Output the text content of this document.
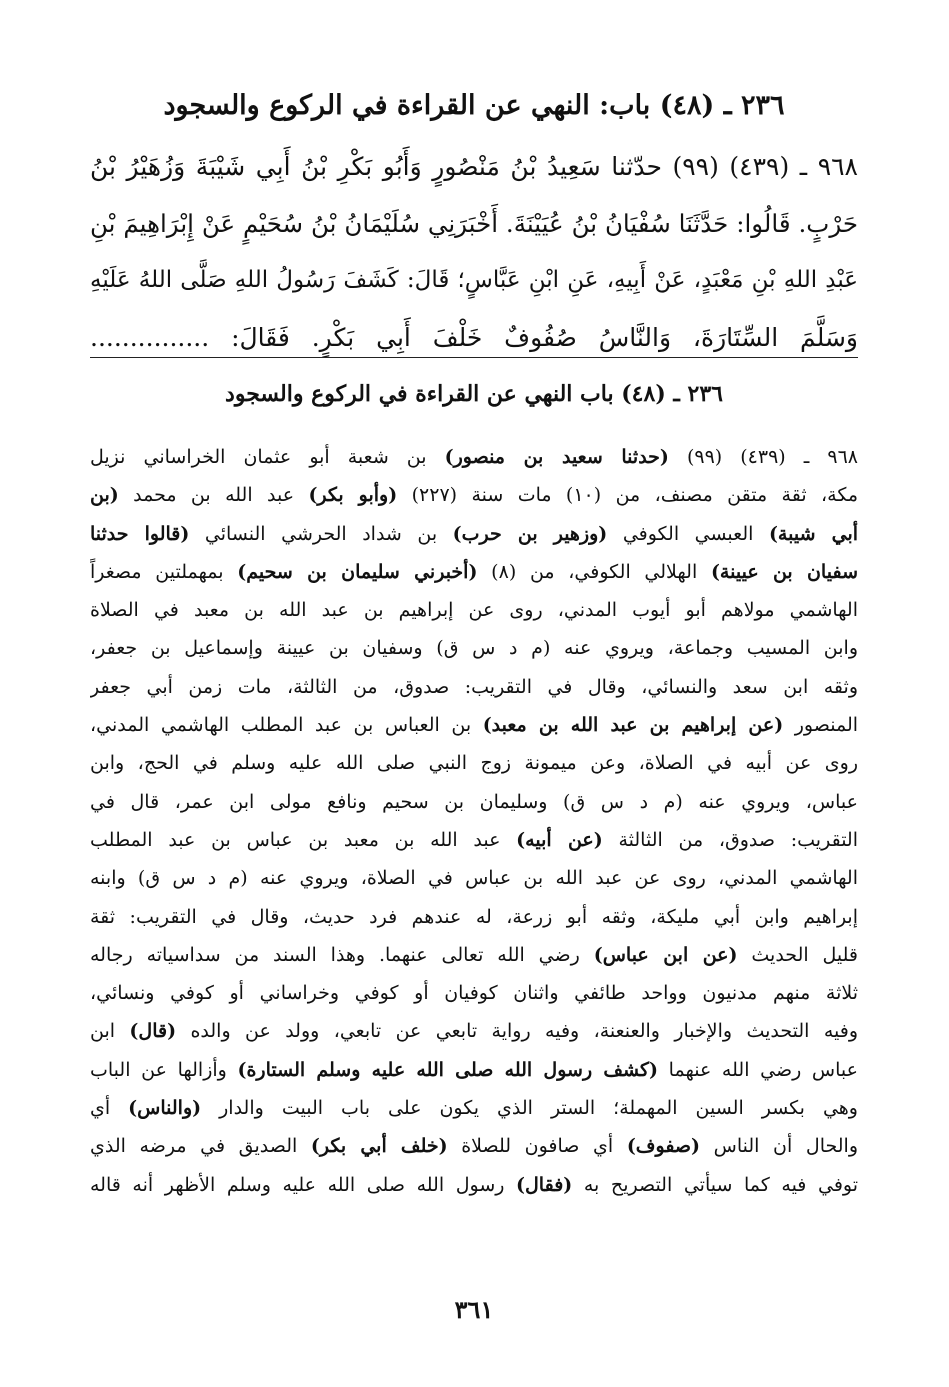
٢٣٦ ـ (٤٨) باب: النهي عن القراءة في الركوع والسجود
٩٦٨ ـ (٤٣٩) (٩٩) حدّثنا سَعِيدُ بْنُ مَنْصُورٍ وَأَبُو بَكْرِ بْنُ أَبِي شَيْبَةَ وَزُهَيْرُ بْنُ
حَرْبٍ. قَالُوا: حَدَّثَنَا سُفْيَانُ بْنُ عُيَيْنَةَ. أَخْبَرَنِي سُلَيْمَانُ بْنُ سُحَيْمٍ عَنْ إِبْرَاهِيمَ بْنِ
عَبْدِ اللهِ بْنِ مَعْبَدٍ، عَنْ أَبِيهِ، عَنِ ابْنِ عَبَّاسٍ؛ قَالَ: كَشَفَ رَسُولُ اللهِ صَلَّى اللهُ عَلَيْهِ
وَسَلَّمَ السِّتَارَةَ، وَالنَّاسُ صُفُوفٌ خَلْفَ أَبِي بَكْرٍ. فَقَالَ: ...............
٢٣٦ ـ (٤٨) باب النهي عن القراءة في الركوع والسجود
٩٦٨ ـ (٤٣٩) (٩٩) (حدثنا سعيد بن منصور) بن شعبة أبو عثمان الخراساني نزيل
مكة، ثقة متقن مصنف، من (١٠) مات سنة (٢٢٧) (وأبو بكر) عبد الله بن محمد (بن
أبي شيبة) العبسي الكوفي (وزهير بن حرب) بن شداد الحرشي النسائي (قالوا حدثنا
سفيان بن عيينة) الهلالي الكوفي، من (٨) (أخبرني سليمان بن سحيم) بمهملتين مصغراً
الهاشمي مولاهم أبو أيوب المدني، روى عن إبراهيم بن عبد الله بن معبد في الصلاة
وابن المسيب وجماعة، ويروي عنه (م د س ق) وسفيان بن عيينة وإسماعيل بن جعفر،
وثقه ابن سعد والنسائي، وقال في التقريب: صدوق، من الثالثة، مات زمن أبي جعفر
المنصور (عن إبراهيم بن عبد الله بن معبد) بن العباس بن عبد المطلب الهاشمي المدني،
روى عن أبيه في الصلاة، وعن ميمونة زوج النبي صلى الله عليه وسلم في الحج، وابن
عباس، ويروي عنه (م د س ق) وسليمان بن سحيم ونافع مولى ابن عمر، قال في
التقريب: صدوق، من الثالثة (عن أبيه) عبد الله بن معبد بن عباس بن عبد المطلب
الهاشمي المدني، روى عن عبد الله بن عباس في الصلاة، ويروي عنه (م د س ق) وابنه
إبراهيم وابن أبي مليكة، وثقه أبو زرعة، له عندهم فرد حديث، وقال في التقريب: ثقة
قليل الحديث (عن ابن عباس) رضي الله تعالى عنهما. وهذا السند من سداسياته رجاله
ثلاثة منهم مدنيون وواحد طائفي واثنان كوفيان أو كوفي وخراساني أو كوفي ونسائي،
وفيه التحديث والإخبار والعنعنة، وفيه رواية تابعي عن تابعي، وولد عن والده (قال) ابن
عباس رضي الله عنهما (كشف رسول الله صلى الله عليه وسلم الستارة) وأزالها عن الباب
وهي بكسر السين المهملة؛ الستر الذي يكون على باب البيت والدار (والناس) أي
والحال أن الناس (صفوف) أي صافون للصلاة (خلف أبي بكر) الصديق في مرضه الذي
توفي فيه كما سيأتي التصريح به (فقال) رسول الله صلى الله عليه وسلم الأظهر أنه قاله
٣٦١
